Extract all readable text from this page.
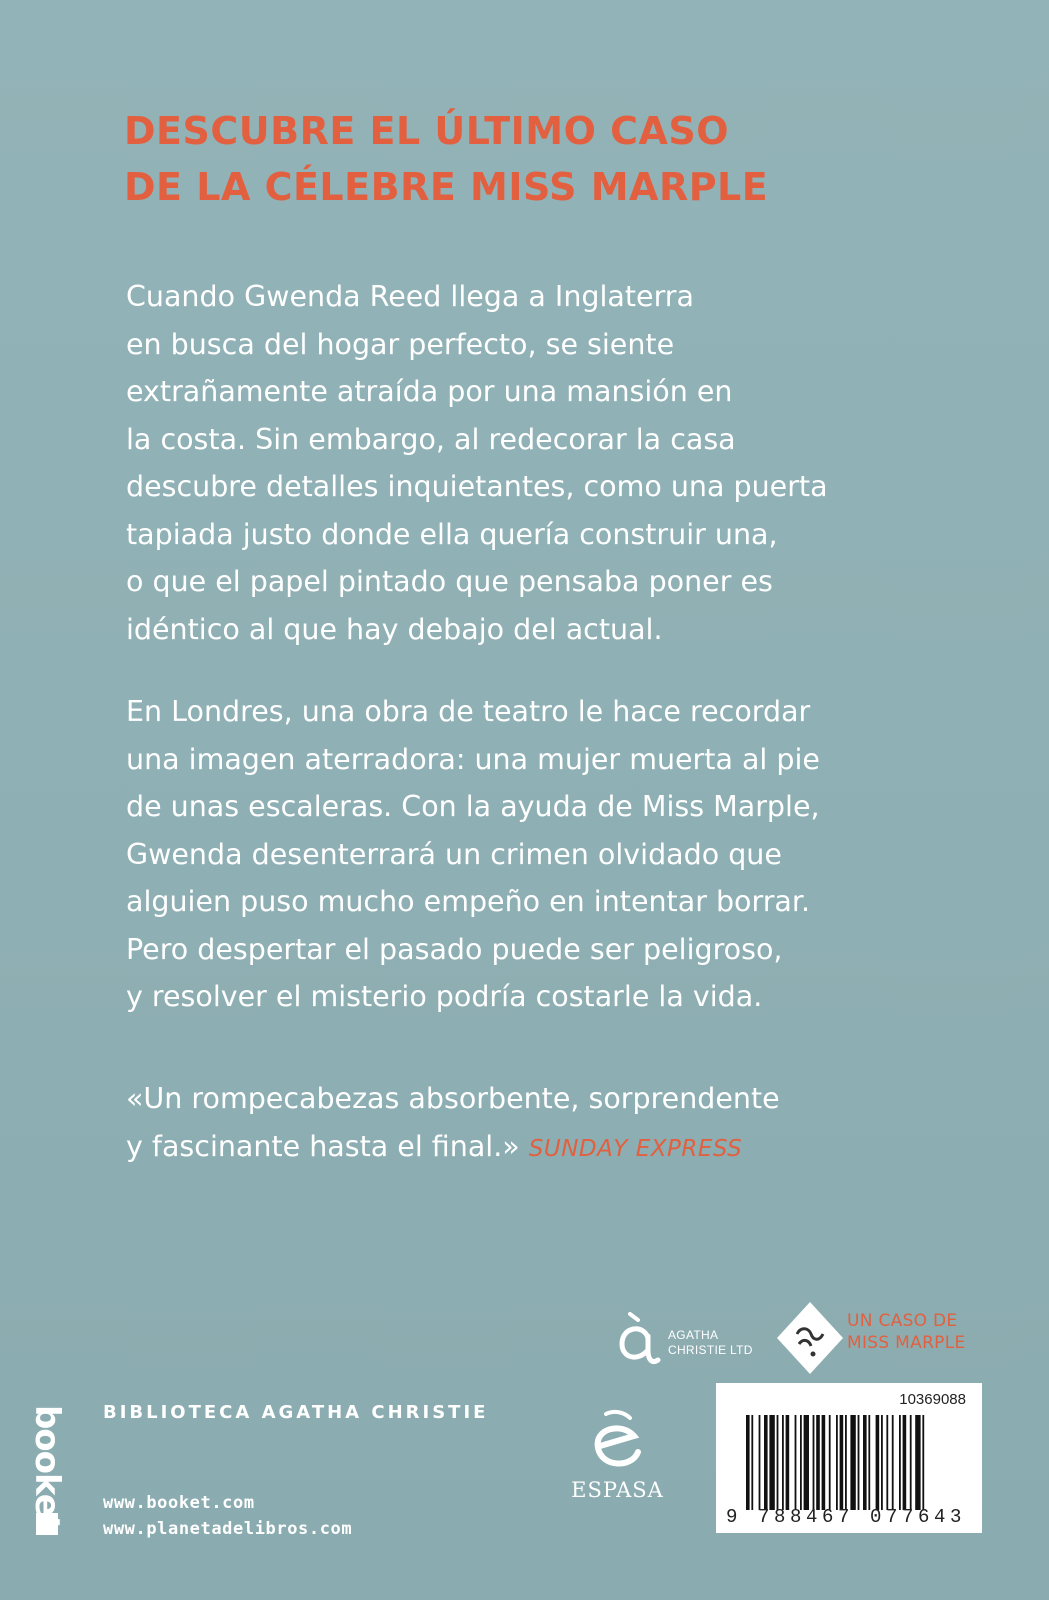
DESCUBRE EL ÚLTIMO CASO
DE LA CÉLEBRE MISS MARPLE

Cuando Gwenda Reed llega a Inglaterra
en busca del hogar perfecto, se siente
extrañamente atraída por una mansión en
la costa. Sin embargo, al redecorar la casa
descubre detalles inquietantes, como una puerta
tapiada justo donde ella quería construir una,
o que el papel pintado que pensaba poner es
idéntico al que hay debajo del actual.

En Londres, una obra de teatro le hace recordar
una imagen aterradora: una mujer muerta al pie
de unas escaleras. Con la ayuda de Miss Marple,
Gwenda desenterrará un crimen olvidado que
alguien puso mucho empeño en intentar borrar.
Pero despertar el pasado puede ser peligroso,
y resolver el misterio podría costarle la vida.

«Un rompecabezas absorbente, sorprendente
y fascinante hasta el final.» SUNDAY EXPRESS

booket BIBLIOTECA AGATHA CHRISTIE
www.booket.com
www.planetadelibros.com
AGATHA
CHRISTIE LTD
UN CASO DE
MISS MARPLE
ESPASA
10369088
9 788467 077643
